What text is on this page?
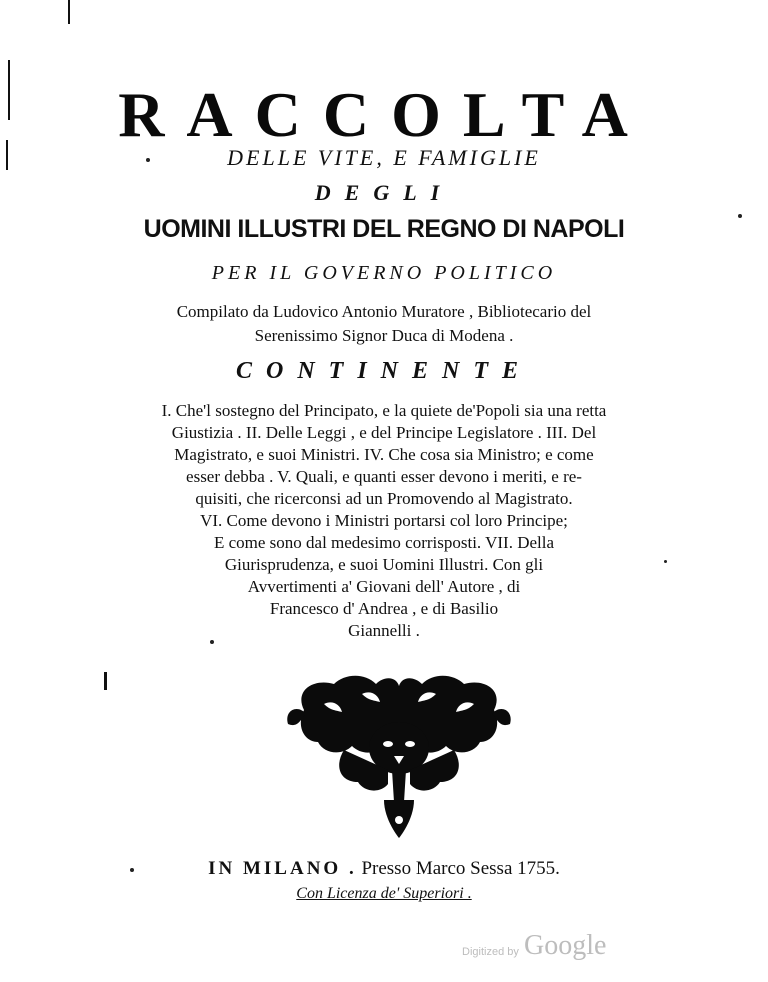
RACCOLTA
DELLE VITE, E FAMIGLIE
DEGLI
UOMINI ILLUSTRI DEL REGNO DI NAPOLI
PER IL GOVERNO POLITICO
Compilato da Ludovico Antonio Muratore , Bibliotecario del
Serenissimo Signor Duca di Modena .
CONTINENTE
I. Che'l sostegno del Principato, e la quiete de'Popoli sia una retta
Giustizia . II. Delle Leggi , e del Principe Legislatore . III. Del
Magistrato, e suoi Ministri. IV. Che cosa sia Ministro; e come
esser debba . V. Quali, e quanti esser devono i meriti, e re-
quisiti, che ricerconsi ad un Promovendo al Magistrato.
VI. Come devono i Ministri portarsi col loro Principe;
E come sono dal medesimo corrisposti. VII. Della
Giurisprudenza, e suoi Uomini Illustri. Con gli
Avvertimenti a' Giovani dell' Autore , di
Francesco d' Andrea , e di Basilio
Giannelli .
IN MILANO . Presso Marco Sessa 1755.
Con Licenza de' Superiori .
Digitized by Google
